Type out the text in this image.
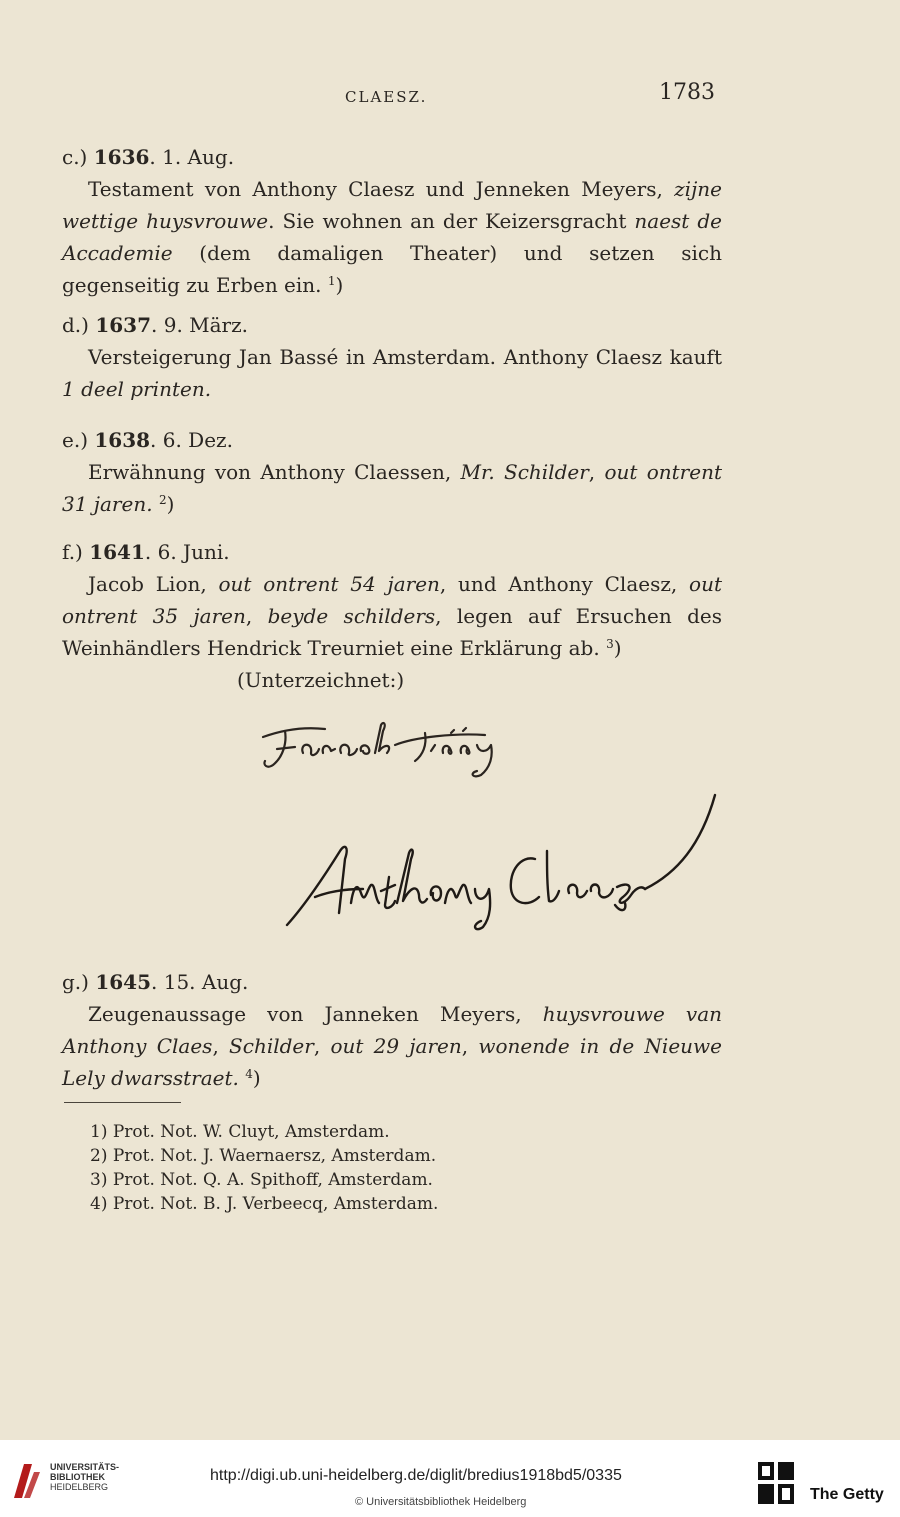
CLAESZ.	1783
c.) 1636. 1. Aug.
Testament von Anthony Claesz und Jenneken Meyers, zijne wettige huysvrouwe. Sie wohnen an der Keizersgracht naest de Accademie (dem damaligen Theater) und setzen sich gegenseitig zu Erben ein. $^1$)
d.) 1637. 9. März.
Versteigerung Jan Bassé in Amsterdam. Anthony Claesz kauft 1 deel printen.
e.) 1638. 6. Dez.
Erwähnung von Anthony Claessen, Mr. Schilder, out ontrent 31 jaren. $^2$)
f.) 1641. 6. Juni.
Jacob Lion, out ontrent 54 jaren, und Anthony Claesz, out ontrent 35 jaren, beyde schilders, legen auf Ersuchen des Weinhändlers Hendrick Treurniet eine Erklärung ab. $^3$)
(Unterzeichnet:)
g.) 1645. 15. Aug.
Zeugenaussage von Janneken Meyers, huysvrouwe van Anthony Claes, Schilder, out 29 jaren, wonende in de Nieuwe Lely dwarsstraet. $^4$)
1) Prot. Not. W. Cluyt, Amsterdam.
2) Prot. Not. J. Waernaersz, Amsterdam.
3) Prot. Not. Q. A. Spithoff, Amsterdam.
4) Prot. Not. B. J. Verbeecq, Amsterdam.
UNIVERSITÄTS-
BIBLIOTHEK
HEIDELBERG
http://digi.ub.uni-heidelberg.de/diglit/bredius1918bd5/0335
© Universitätsbibliothek Heidelberg	The Getty
